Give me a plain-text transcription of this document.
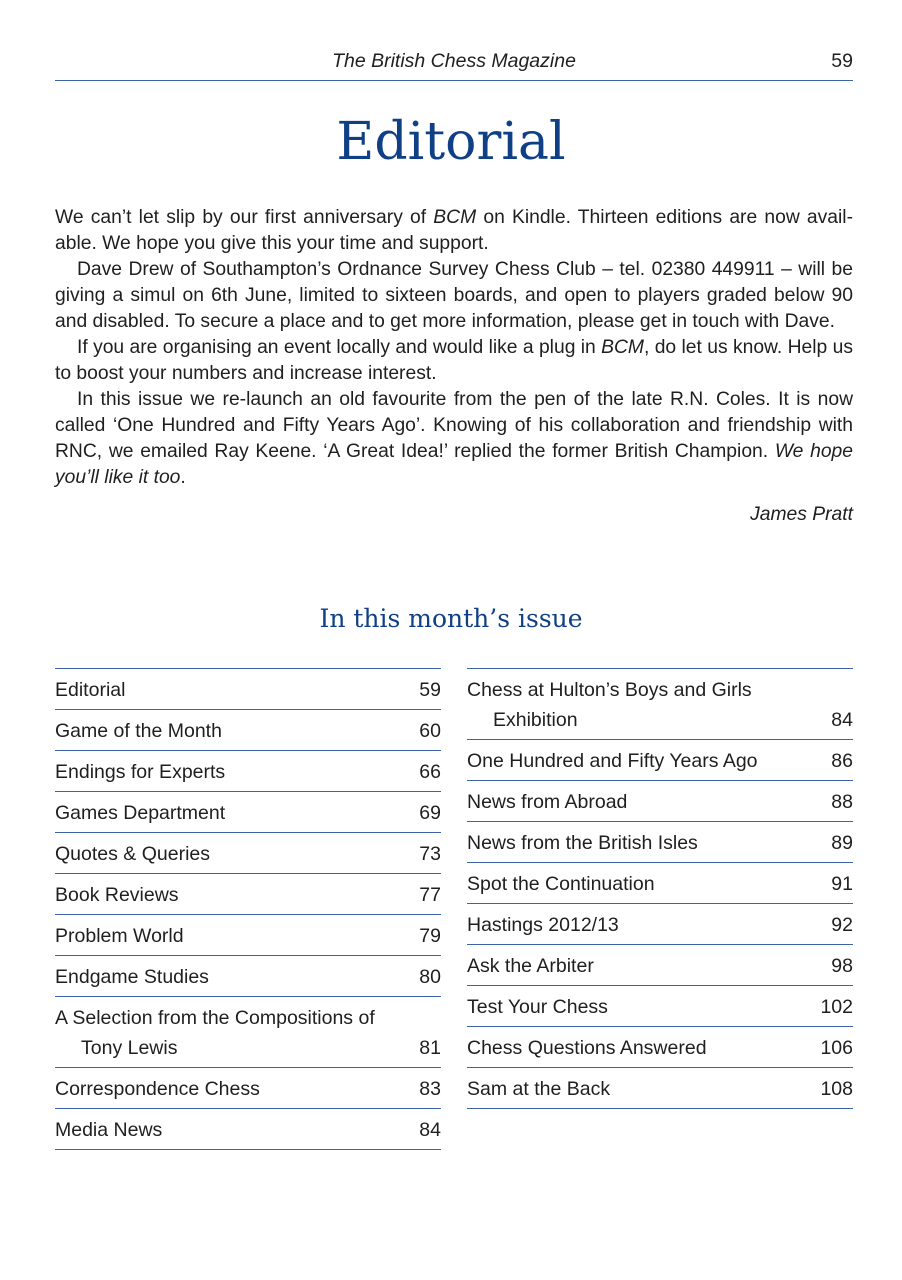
The British Chess Magazine	59
Editorial

We can’t let slip by our first anniversary of BCM on Kindle. Thirteen editions are now available. We hope you give this your time and support.

Dave Drew of Southampton’s Ordnance Survey Chess Club – tel. 02380 449911 – will be giving a simul on 6th June, limited to sixteen boards, and open to players graded below 90 and disabled. To secure a place and to get more information, please get in touch with Dave.

If you are organising an event locally and would like a plug in BCM, do let us know. Help us to boost your numbers and increase interest.

In this issue we re-launch an old favourite from the pen of the late R.N. Coles. It is now called ‘One Hundred and Fifty Years Ago’. Knowing of his collaboration and friendship with RNC, we emailed Ray Keene. ‘A Great Idea!’ replied the former British Champion. We hope you’ll like it too.

James Pratt
In this month’s issue
Editorial	59
Game of the Month	60
Endings for Experts	66
Games Department	69
Quotes & Queries	73
Book Reviews	77
Problem World	79
Endgame Studies	80
A Selection from the Compositions of Tony Lewis	81
Correspondence Chess	83
Media News	84
Chess at Hulton’s Boys and Girls Exhibition	84
One Hundred and Fifty Years Ago	86
News from Abroad	88
News from the British Isles	89
Spot the Continuation	91
Hastings 2012/13	92
Ask the Arbiter	98
Test Your Chess	102
Chess Questions Answered	106
Sam at the Back	108
